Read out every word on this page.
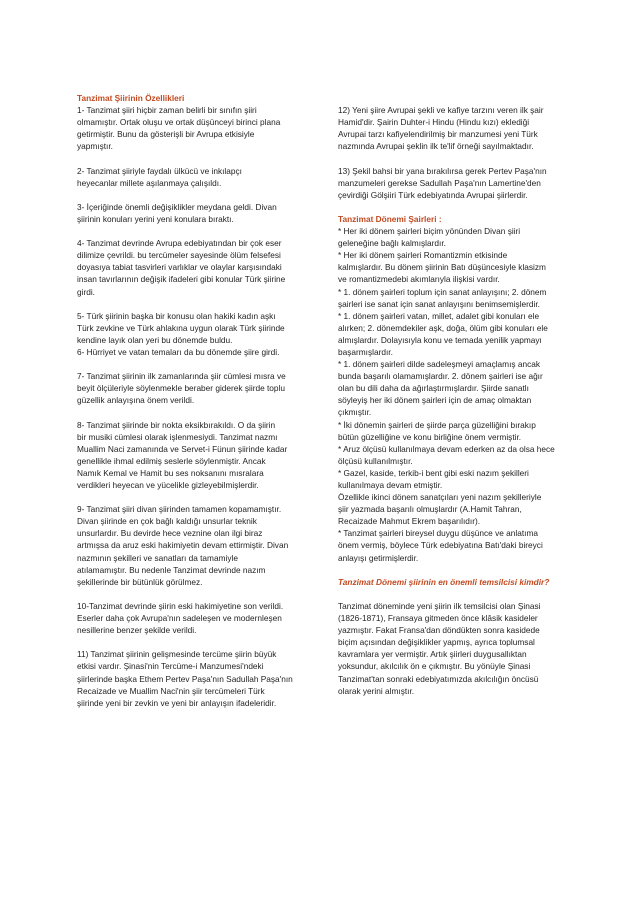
Tanzimat Şiirinin Özellikleri

1- Tanzimat şiiri hiçbir zaman belirli bir sınıfın şiiri
olmamıştır. Ortak oluşu ve ortak düşünceyi birinci plana
getirmiştir. Bunu da gösterişli bir Avrupa etkisiyle
yapmıştır.

2- Tanzimat şiiriyle faydalı ülkücü ve inkılapçı
heyecanlar millete aşılanmaya çalışıldı.

3- İçeriğinde önemli değişiklikler meydana geldi. Divan
şiirinin konuları yerini yeni konulara bıraktı.

4- Tanzimat devrinde Avrupa edebiyatından bir çok eser
dilimize çevrildi. bu tercümeler sayesinde ölüm felsefesi
doyasıya tabiat tasvirleri varlıklar ve olaylar karşısındaki
insan tavırlarının değişik ifadeleri gibi konular Türk şiirine
girdi.

5- Türk şiirinin başka bir konusu olan hakiki kadın aşkı
Türk zevkine ve Türk ahlakına uygun olarak Türk şiirinde
kendine layık olan yeri bu dönemde buldu.
6- Hürriyet ve vatan temaları da bu dönemde şiire girdi.

7- Tanzimat şiirinin ilk zamanlarında şiir cümlesi mısra ve
beyit ölçüleriyle söylenmekle beraber giderek şiirde toplu
güzellik anlayışına önem verildi.

8- Tanzimat şiirinde bir nokta eksikbırakıldı. O da şiirin
bir musiki cümlesi olarak işlenmesiydi. Tanzimat nazmı
Muallim Naci zamanında ve Servet-i Fünun şiirinde kadar
genellikle ihmal edilmiş seslerle söylenmiştir. Ancak
Namık Kemal ve Hamit bu ses noksanını mısralara
verdikleri heyecan ve yücelikle gizleyebilmişlerdir.

9- Tanzimat şiiri divan şiirinden tamamen kopamamıştır.
Divan şiirinde en çok bağlı kaldığı unsurlar teknik
unsurlardır. Bu devirde hece veznine olan ilgi biraz
artmışsa da aruz eski hakimiyetin devam ettirmiştir. Divan
nazmının şekilleri ve sanatları da tamamiyle
atılamamıştır. Bu nedenle Tanzimat devrinde nazım
şekillerinde bir bütünlük görülmez.

10-Tanzimat devrinde şiirin eski hakimiyetine son verildi.
Eserler daha çok Avrupa'nın sadeleşen ve modernleşen
nesillerine benzer şekilde verildi.

11) Tanzimat şiirinin gelişmesinde tercüme şiirin büyük
etkisi vardır. Şinasi'nin Tercüme-i Manzumesi'ndeki
şiirlerinde başka Ethem Pertev Paşa'nın Sadullah Paşa'nın
Recaizade ve Muallim Naci'nin şiir tercümeleri Türk
şiirinde yeni bir zevkin ve yeni bir anlayışın ifadeleridir.

12) Yeni şiire Avrupai şekli ve kafiye tarzını veren ilk şair
Hamid'dir. Şairin Duhter-i Hindu (Hindu kızı) eklediği
Avrupai tarzı kafiyelendirilmiş bir manzumesi yeni Türk
nazmında Avrupai şeklin ilk te'lif örneği sayılmaktadır.

13) Şekil bahsi bir yana bırakılırsa gerek Pertev Paşa'nın
manzumeleri gerekse Sadullah Paşa'nın Lamertine'den
çevirdiği Gölşiiri Türk edebiyatında Avrupai şiirlerdir.

Tanzimat Dönemi Şairleri :

* Her iki dönem şairleri biçim yönünden Divan şiiri
geleneğine bağlı kalmışlardır.
* Her iki dönem şairleri Romantizmin etkisinde
kalmışlardır. Bu dönem şiirinin Batı düşüncesiyle klasizm
ve romantizmedebi akımlarıyla ilişkisi vardır.
* 1. dönem şairleri toplum için sanat anlayışını; 2. dönem
şairleri ise sanat için sanat anlayışını benimsemişlerdir.
* 1. dönem şairleri vatan, millet, adalet gibi konuları ele
alırken; 2. dönemdekiler aşk, doğa, ölüm gibi konuları ele
almışlardır. Dolayısıyla konu ve temada yenilik yapmayı
başarmışlardır.
* 1. dönem şairleri dilde sadeleşmeyi amaçlamış ancak
bunda başarılı olamamışlardır. 2. dönem şairleri ise ağır
olan bu dili daha da ağırlaştırmışlardır. Şiirde sanatlı
söyleyiş her iki dönem şairleri için de amaç olmaktan
çıkmıştır.
* İki dönemin şairleri de şiirde parça güzelliğini bırakıp
bütün güzelliğine ve konu birliğine önem vermiştir.
* Aruz ölçüsü kullanılmaya devam ederken az da olsa hece
ölçüsü kullanılmıştır.
* Gazel, kaside, terkib-i bent gibi eski nazım şekilleri
kullanılmaya devam etmiştir.
Özellikle ikinci dönem sanatçıları yeni nazım şekilleriyle
şiir yazmada başarılı olmuşlardır (A.Hamit Tahran,
Recaizade Mahmut Ekrem başarılıdır).
* Tanzimat şairleri bireysel duygu düşünce ve anlatıma
önem vermiş, böylece Türk edebiyatına Batı'daki bireyci
anlayışı getirmişlerdir.

Tanzimat Dönemi şiirinin en önemli temsilcisi kimdir?

Tanzimat döneminde yeni şiirin ilk temsilcisi olan Şinasi
(1826-1871), Fransaya gitmeden önce klâsik kasideler
yazmıştır. Fakat Fransa'dan döndükten sonra kasidede
biçim açısından değişiklikler yapmış, ayrıca toplumsal
kavramlara yer vermiştir. Artık şiirleri duygusallıktan
yoksundur, akılcılık ön e çıkmıştır. Bu yönüyle Şinasi
Tanzimat'tan sonraki edebiyatımızda akılcılığın öncüsü
olarak yerini almıştır.
